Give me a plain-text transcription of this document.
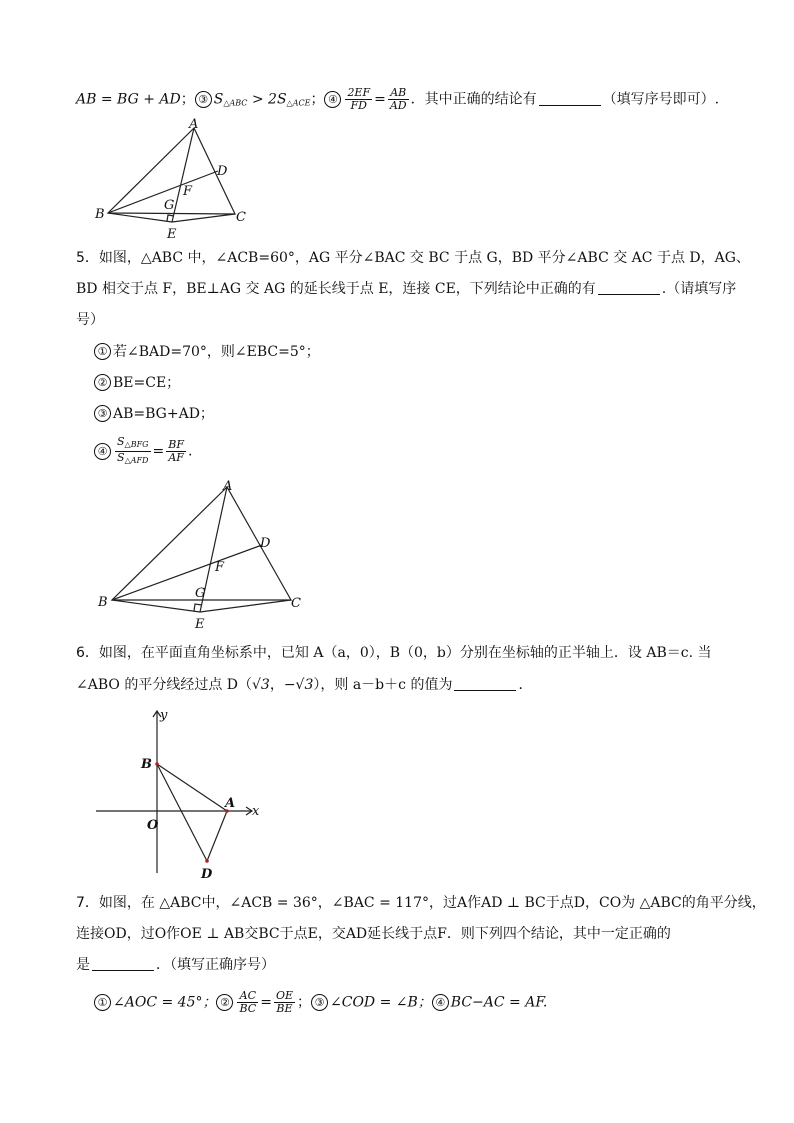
AB = BG + AD； ③ $S_{\triangle ABC} > 2S_{\triangle ACE}$； ④ $\frac{2EF}{FD} = \frac{AB}{AD}$ ．其中正确的结论有	（填写序号即可）.
A
B	C
D
E
F
G
5．如图，△ABC 中，∠ACB=60°，AG 平分∠BAC 交 BC 于点 G，BD 平分∠ABC 交 AC 于点 D，AG、
BD 相交于点 F，BE⊥AG 交 AG 的延长线于点 E，连接 CE，下列结论中正确的有	.（请填写序
号）
① 若∠BAD=70°，则∠EBC=5°；
② BE=CE；
③ AB=BG+AD；
④ $\frac{S_{\triangle BFG}}{S_{\triangle AFD}} = \frac{BF}{AF}$ .
A
B	C
D
E
F
G
6．如图，在平面直角坐标系中，已知 A（a，0），B（0，b）分别在坐标轴的正半轴上．设 AB＝c. 当
∠ABO 的平分线经过点 D（√3，−√3），则 a－b＋c 的值为	．
y
x
O
B
A
D
7．如图，在 △ABC中，∠ACB = 36°，∠BAC = 117°，过A作AD ⊥ BC于点D，CO为 △ABC的角平分线，
连接OD，过O作OE ⊥ AB交BC于点E，交AD延长线于点F．则下列四个结论，其中一定正确的
是	．（填写正确序号）
① ∠AOC = 45°； ② $\frac{AC}{BC} = \frac{OE}{BE}$ ； ③ ∠COD = ∠B； ④ BC−AC = AF.
